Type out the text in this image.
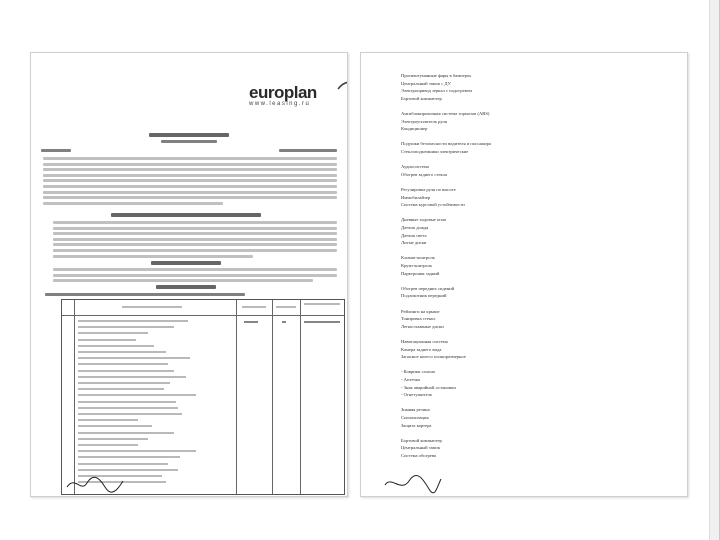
europlan
www.leasing.ru
Противотуманные фары в бамперах
Центральный замок с ДУ
Электропривод зеркал с подогревом
Бортовой компьютер
Антиблокировочная система тормозов (ABS)
Электроусилитель руля
Кондиционер
Подушки безопасности водителя и пассажира
Стеклоподъемники электрические
Аудиосистема
Обогрев заднего стекла
Регулировка руля по высоте
Иммобилайзер
Система курсовой устойчивости
Дневные ходовые огни
Датчик дождя
Датчик света
Литые диски
Климат-контроль
Круиз-контроль
Парктроник задний
Обогрев передних сидений
Подлокотник передний
Рейлинги на крыше
Тонировка стекол
Легкосплавные диски
Навигационная система
Камера заднего вида
Запасное колесо полноразмерное
- Коврики салона
- Аптечка
- Знак аварийной остановки
- Огнетушитель
Зимняя резина
Сигнализация
Защита картера
Бортовой компьютер
Центральный замок
Система обогрева
